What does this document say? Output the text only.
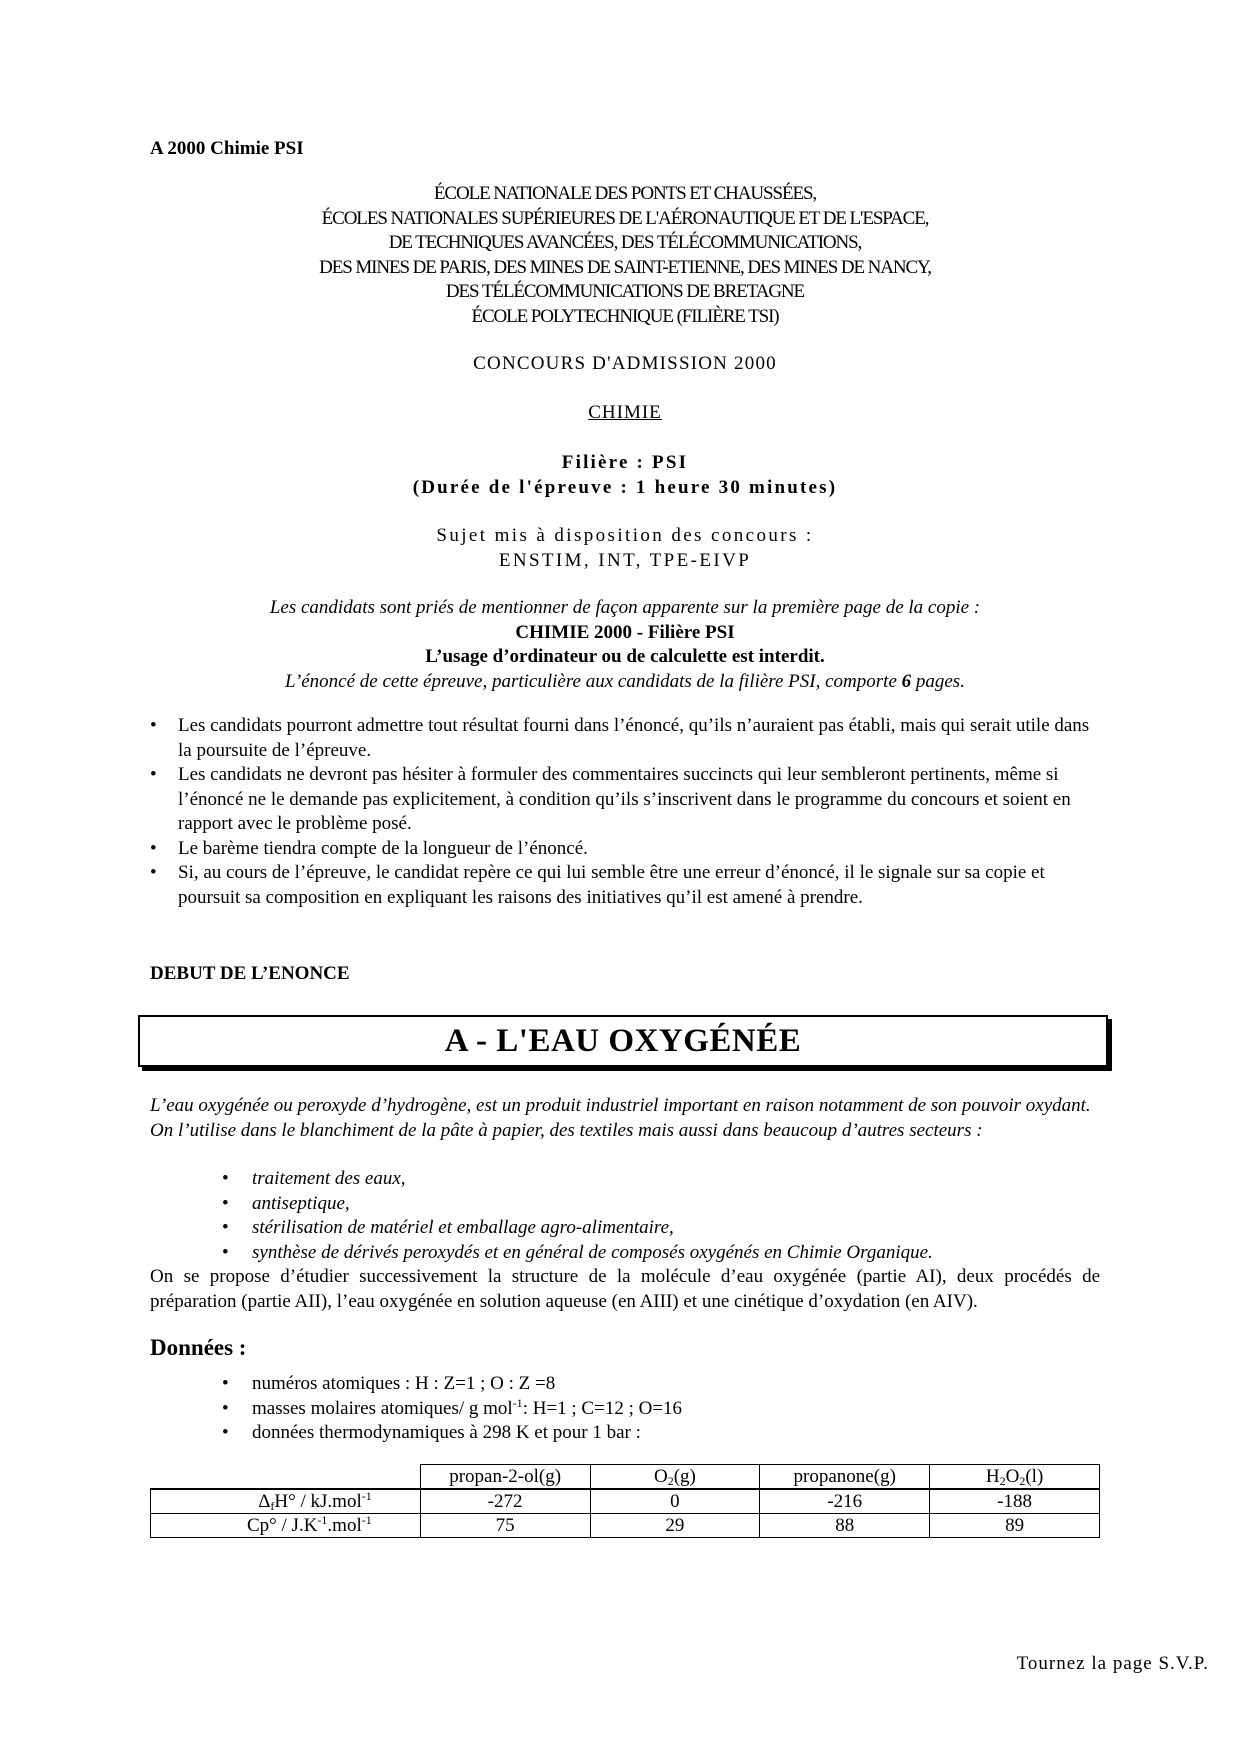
A 2000 Chimie PSI
ÉCOLE NATIONALE DES PONTS ET CHAUSSÉES,
ÉCOLES NATIONALES SUPÉRIEURES DE L'AÉRONAUTIQUE ET DE L'ESPACE,
DE TECHNIQUES AVANCÉES, DES TÉLÉCOMMUNICATIONS,
DES MINES DE PARIS, DES MINES DE SAINT-ETIENNE, DES MINES DE NANCY,
DES TÉLÉCOMMUNICATIONS DE BRETAGNE
ÉCOLE POLYTECHNIQUE (FILIÈRE TSI)
CONCOURS D'ADMISSION 2000
CHIMIE
Filière : PSI
(Durée de l'épreuve : 1 heure 30 minutes)
Sujet mis à disposition des concours :
ENSTIM, INT, TPE-EIVP
Les candidats sont priés de mentionner de façon apparente sur la première page de la copie :
CHIMIE 2000 - Filière PSI
L’usage d’ordinateur ou de calculette est interdit.
L’énoncé de cette épreuve, particulière aux candidats de la filière PSI, comporte 6 pages.
• Les candidats pourront admettre tout résultat fourni dans l’énoncé, qu’ils n’auraient pas établi, mais qui serait utile dans la poursuite de l’épreuve.
• Les candidats ne devront pas hésiter à formuler des commentaires succincts qui leur sembleront pertinents, même si l’énoncé ne le demande pas explicitement, à condition qu’ils s’inscrivent dans le programme du concours et soient en rapport avec le problème posé.
• Le barème tiendra compte de la longueur de l’énoncé.
• Si, au cours de l’épreuve, le candidat repère ce qui lui semble être une erreur d’énoncé, il le signale sur sa copie et poursuit sa composition en expliquant les raisons des initiatives qu’il est amené à prendre.
DEBUT DE L’ENONCE
A - L'EAU OXYGÉNÉE
L’eau oxygénée ou peroxyde d’hydrogène, est un produit industriel important en raison notamment de son pouvoir oxydant.
On l’utilise dans le blanchiment de la pâte à papier, des textiles mais aussi dans beaucoup d’autres secteurs :
• traitement des eaux,
• antiseptique,
• stérilisation de matériel et emballage agro-alimentaire,
• synthèse de dérivés peroxydés et en général de composés oxygénés en Chimie Organique.
On se propose d’étudier successivement la structure de la molécule d’eau oxygénée (partie AI), deux procédés de préparation (partie AII), l’eau oxygénée en solution aqueuse (en AIII) et une cinétique d’oxydation (en AIV).
Données :
• numéros atomiques : H : Z=1 ; O : Z =8
• masses molaires atomiques/ g mol$^{-1}$: H=1 ; C=12 ; O=16
• données thermodynamiques à 298 K et pour 1 bar :
	propan-2-ol(g)	$O_2(g)$	propanone(g)	$H_2O_2(l)$
$\Delta_fH^\circ / kJ.mol^{-1}$	-272	0	-216	-188
$Cp^\circ / J.K^{-1}.mol^{-1}$	75	29	88	89
Tournez la page S.V.P.
